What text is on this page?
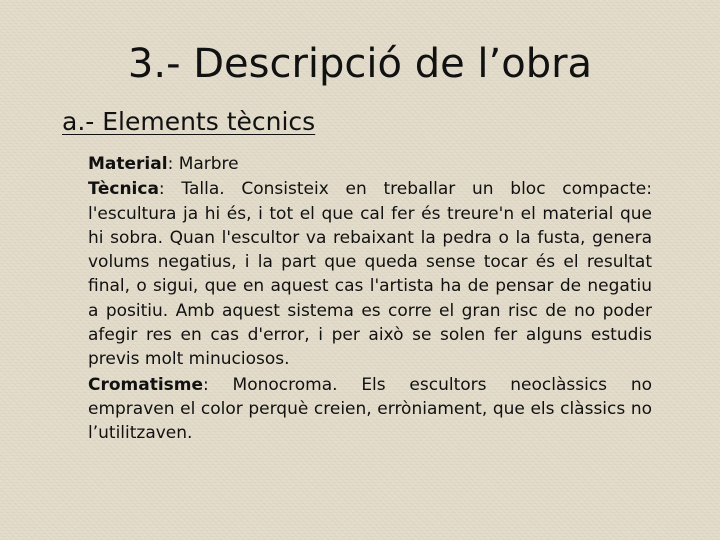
3.- Descripció de l’obra
a.- Elements tècnics

Material: Marbre

Tècnica: Talla. Consisteix en treballar un bloc compacte: l'escultura ja hi és, i tot el que cal fer és treure'n el material que hi sobra. Quan l'escultor va rebaixant la pedra o la fusta, genera volums negatius, i la part que queda sense tocar és el resultat final, o sigui, que en aquest cas l'artista ha de pensar de negatiu a positiu. Amb aquest sistema es corre el gran risc de no poder afegir res en cas d'error, i per això se solen fer alguns estudis previs molt minuciosos.

Cromatisme: Monocroma. Els escultors neoclàssics no empraven el color perquè creien, erròniament, que els clàssics no l’utilitzaven.
